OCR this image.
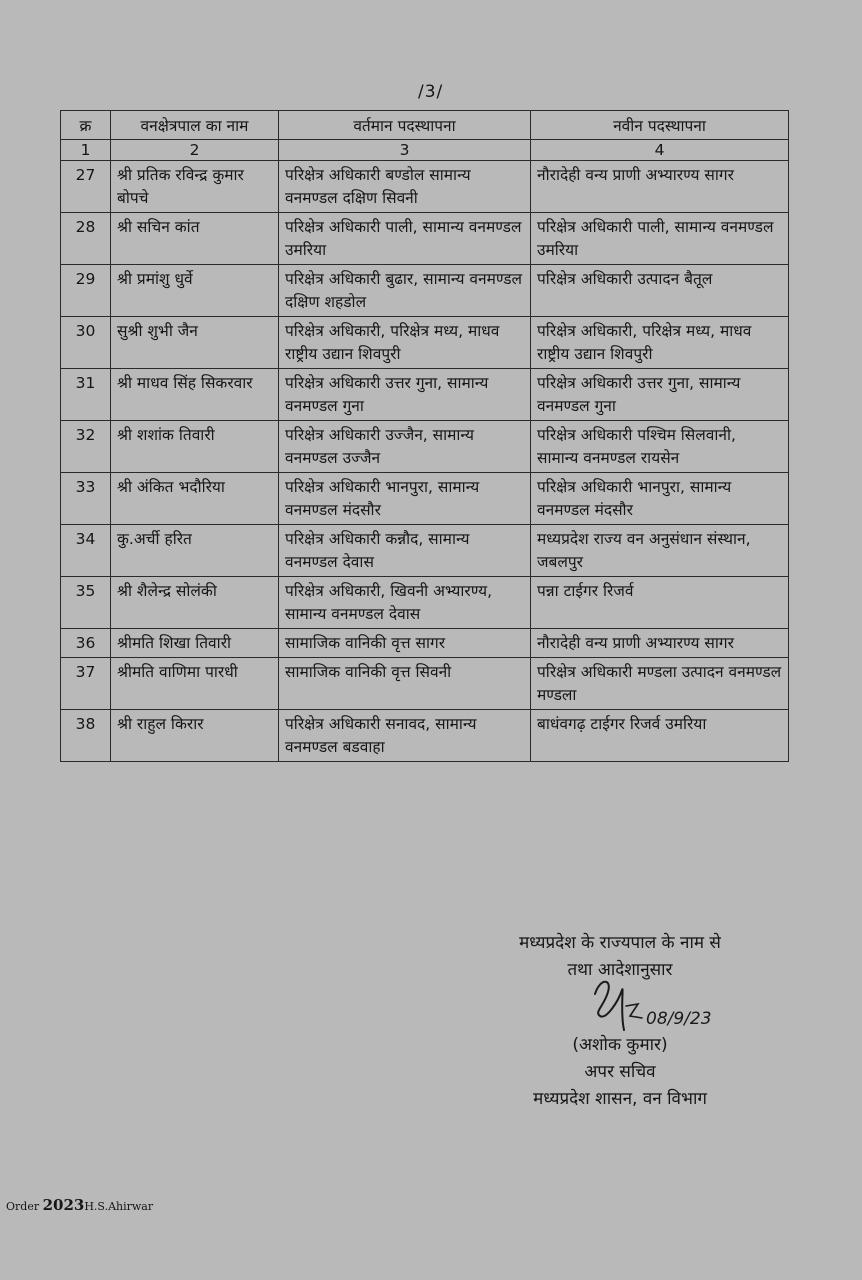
/3/
क्र	वनक्षेत्रपाल का नाम	वर्तमान पदस्थापना	नवीन पदस्थापना
1	2	3	4
27	श्री प्रतिक रविन्द्र कुमार बोपचे	परिक्षेत्र अधिकारी बण्डोल सामान्य वनमण्डल दक्षिण सिवनी	नौरादेही वन्य प्राणी अभ्यारण्य सागर
28	श्री सचिन कांत	परिक्षेत्र अधिकारी पाली, सामान्य वनमण्डल उमरिया	परिक्षेत्र अधिकारी पाली, सामान्य वनमण्डल उमरिया
29	श्री प्रमांशु धुर्वे	परिक्षेत्र अधिकारी बुढार, सामान्य वनमण्डल दक्षिण शहडोल	परिक्षेत्र अधिकारी उत्पादन बैतूल
30	सुश्री शुभी जैन	परिक्षेत्र अधिकारी, परिक्षेत्र मध्य, माधव राष्ट्रीय उद्यान शिवपुरी	परिक्षेत्र अधिकारी, परिक्षेत्र मध्य, माधव राष्ट्रीय उद्यान शिवपुरी
31	श्री माधव सिंह सिकरवार	परिक्षेत्र अधिकारी उत्तर गुना, सामान्य वनमण्डल गुना	परिक्षेत्र अधिकारी उत्तर गुना, सामान्य वनमण्डल गुना
32	श्री शशांक तिवारी	परिक्षेत्र अधिकारी उज्जैन, सामान्य वनमण्डल उज्जैन	परिक्षेत्र अधिकारी पश्चिम सिलवानी, सामान्य वनमण्डल रायसेन
33	श्री अंकित भदौरिया	परिक्षेत्र अधिकारी भानपुरा, सामान्य वनमण्डल मंदसौर	परिक्षेत्र अधिकारी भानपुरा, सामान्य वनमण्डल मंदसौर
34	कु.अर्ची हरित	परिक्षेत्र अधिकारी कन्नौद, सामान्य वनमण्डल देवास	मध्यप्रदेश राज्य वन अनुसंधान संस्थान, जबलपुर
35	श्री शैलेन्द्र सोलंकी	परिक्षेत्र अधिकारी, खिवनी अभ्यारण्य, सामान्य वनमण्डल देवास	पन्ना टाईगर रिजर्व
36	श्रीमति शिखा तिवारी	सामाजिक वानिकी वृत्त सागर	नौरादेही वन्य प्राणी अभ्यारण्य सागर
37	श्रीमति वाणिमा पारधी	सामाजिक वानिकी वृत्त सिवनी	परिक्षेत्र अधिकारी मण्डला उत्पादन वनमण्डल मण्डला
38	श्री राहुल किरार	परिक्षेत्र अधिकारी सनावद, सामान्य वनमण्डल बडवाहा	बाधंवगढ़ टाईगर रिजर्व उमरिया
मध्यप्रदेश के राज्यपाल के नाम से
तथा आदेशानुसार
(अशोक कुमार)
अपर सचिव
मध्यप्रदेश शासन, वन विभाग
08/9/23
Order 2023H.S.Ahirwar
